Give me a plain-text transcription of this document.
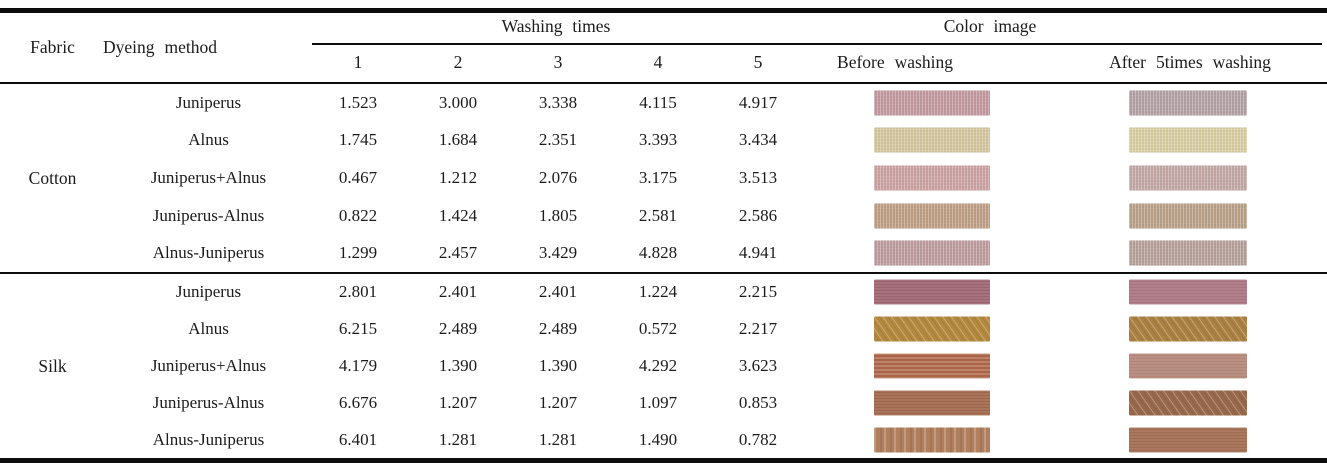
Fabric	Dyeing method
Washing times	Color image
1	2	3	4	5	Before washing	After 5times washing
Cotton
Juniperus	1.523	3.000	3.338	4.115	4.917
Alnus	1.745	1.684	2.351	3.393	3.434
Juniperus+Alnus	0.467	1.212	2.076	3.175	3.513
Juniperus-Alnus	0.822	1.424	1.805	2.581	2.586
Alnus-Juniperus	1.299	2.457	3.429	4.828	4.941
Silk
Juniperus	2.801	2.401	2.401	1.224	2.215
Alnus	6.215	2.489	2.489	0.572	2.217
Juniperus+Alnus	4.179	1.390	1.390	4.292	3.623
Juniperus-Alnus	6.676	1.207	1.207	1.097	0.853
Alnus-Juniperus	6.401	1.281	1.281	1.490	0.782
